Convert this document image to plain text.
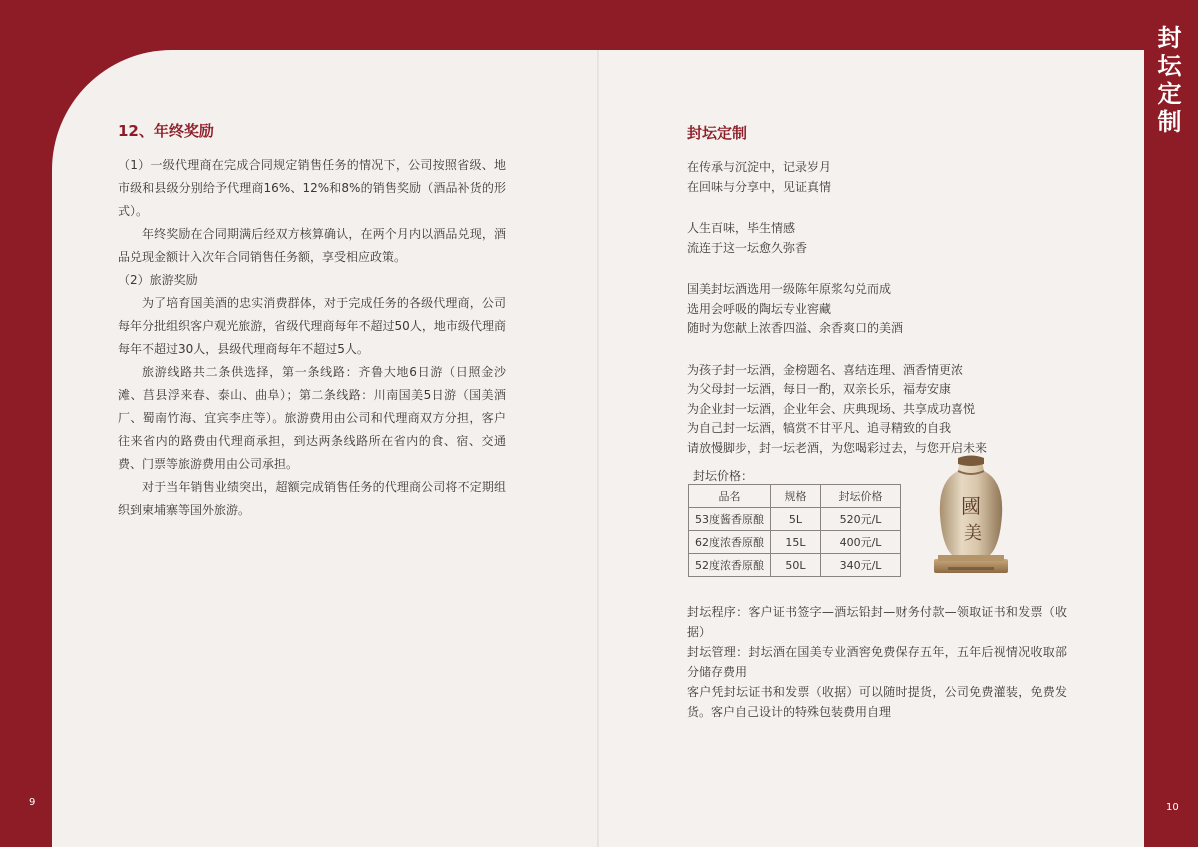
封
坛
定
制
9	10
12、年终奖励

（1）一级代理商在完成合同规定销售任务的情况下，公司按照省级、地市级和县级分别给予代理商16%、12%和8%的销售奖励（酒品补货的形式）。

年终奖励在合同期满后经双方核算确认，在两个月内以酒品兑现，酒品兑现金额计入次年合同销售任务额，享受相应政策。

（2）旅游奖励

为了培育国美酒的忠实消费群体，对于完成任务的各级代理商，公司每年分批组织客户观光旅游，省级代理商每年不超过50人，地市级代理商每年不超过30人，县级代理商每年不超过5人。

旅游线路共二条供选择，第一条线路：齐鲁大地6日游（日照金沙滩、莒县浮来春、泰山、曲阜）；第二条线路：川南国美5日游（国美酒厂、蜀南竹海、宜宾李庄等）。旅游费用由公司和代理商双方分担，客户往来省内的路费由代理商承担，到达两条线路所在省内的食、宿、交通费、门票等旅游费用由公司承担。

对于当年销售业绩突出，超额完成销售任务的代理商公司将不定期组织到柬埔寨等国外旅游。

封坛定制
在传承与沉淀中，记录岁月
在回味与分享中，见证真情
人生百味，毕生情感
流连于这一坛愈久弥香
国美封坛酒选用一级陈年原浆勾兑而成
选用会呼吸的陶坛专业窖藏
随时为您献上浓香四溢、余香爽口的美酒
为孩子封一坛酒，金榜题名、喜结连理、酒香情更浓
为父母封一坛酒，每日一酌，双亲长乐，福寿安康
为企业封一坛酒，企业年会、庆典现场、共享成功喜悦
为自己封一坛酒，犒赏不甘平凡、追寻精致的自我
请放慢脚步，封一坛老酒，为您喝彩过去，与您开启未来
封坛价格：
品名	规格	封坛价格
53度酱香原酿	5L	520元/L
62度浓香原酿	15L	400元/L
52度浓香原酿	50L	340元/L
國
美
封坛程序：客户证书签字—酒坛铅封—财务付款—领取证书和发票（收据）
封坛管理：封坛酒在国美专业酒窖免费保存五年，五年后视情况收取部分储存费用
客户凭封坛证书和发票（收据）可以随时提货，公司免费灌装，免费发货。客户自己设计的特殊包装费用自理
